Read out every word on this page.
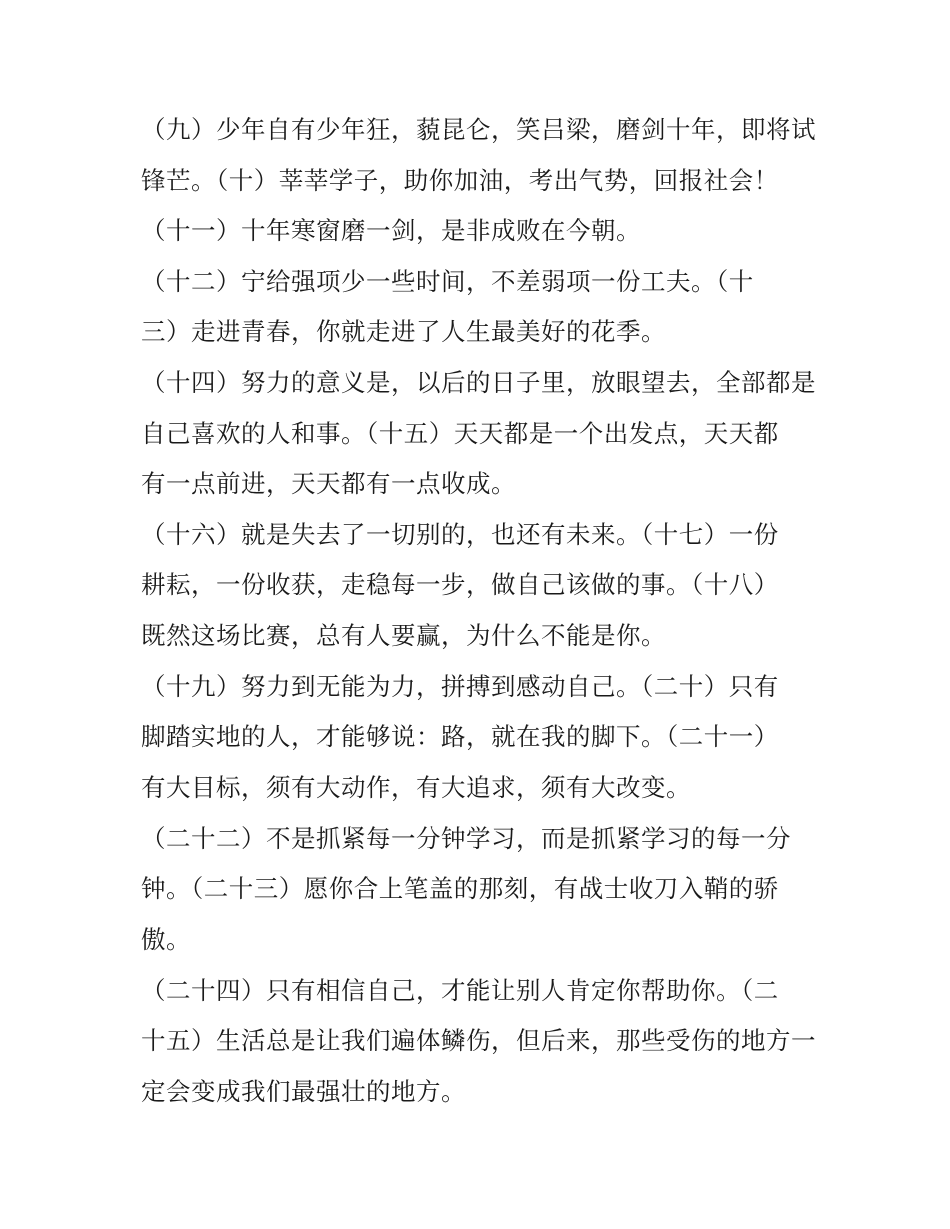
（九）少年自有少年狂，藐昆仑，笑吕梁，磨剑十年，即将试
锋芒。（十）莘莘学子，助你加油，考出气势，回报社会！
（十一）十年寒窗磨一剑，是非成败在今朝。
（十二）宁给强项少一些时间，不差弱项一份工夫。（十
三）走进青春，你就走进了人生最美好的花季。
（十四）努力的意义是，以后的日子里，放眼望去，全部都是
自己喜欢的人和事。（十五）天天都是一个出发点，天天都
有一点前进，天天都有一点收成。
（十六）就是失去了一切别的，也还有未来。（十七）一份
耕耘，一份收获，走稳每一步，做自己该做的事。（十八）
既然这场比赛，总有人要赢，为什么不能是你。
（十九）努力到无能为力，拼搏到感动自己。（二十）只有
脚踏实地的人，才能够说：路，就在我的脚下。（二十一）
有大目标，须有大动作，有大追求，须有大改变。
（二十二）不是抓紧每一分钟学习，而是抓紧学习的每一分
钟。（二十三）愿你合上笔盖的那刻，有战士收刀入鞘的骄
傲。
（二十四）只有相信自己，才能让别人肯定你帮助你。（二
十五）生活总是让我们遍体鳞伤，但后来，那些受伤的地方一
定会变成我们最强壮的地方。
